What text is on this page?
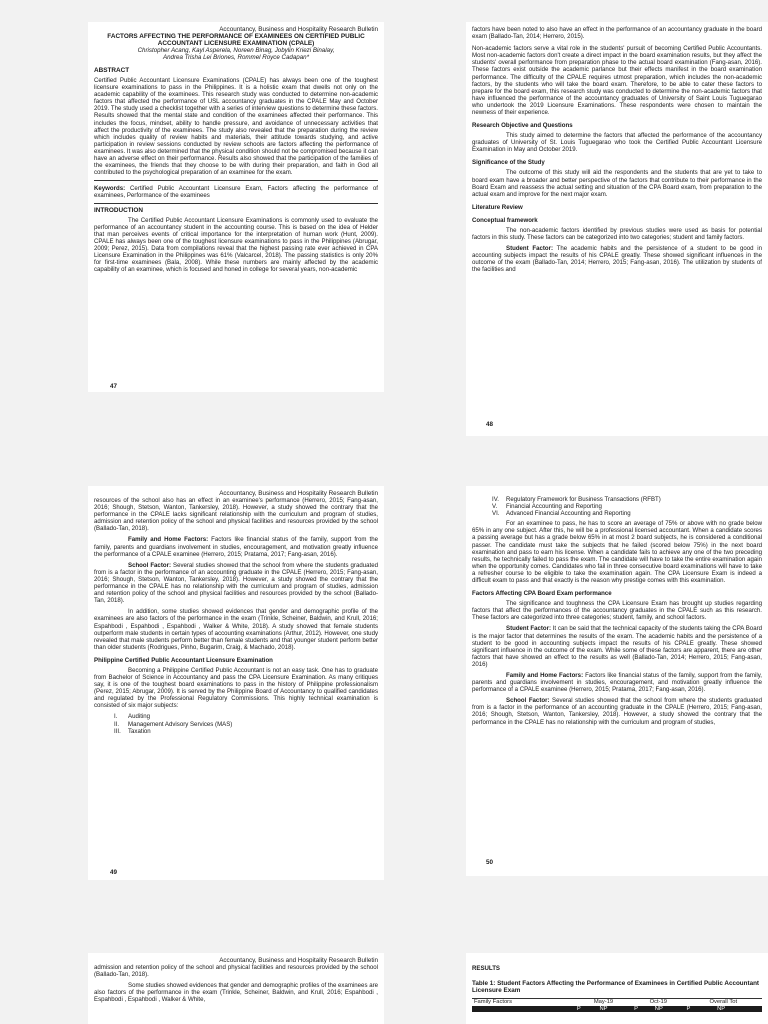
Accountancy, Business and Hospitality Research Bulletin
FACTORS AFFECTING THE PERFORMANCE OF EXAMINEES ON CERTIFIED PUBLIC ACCOUNTANT LICENSURE EXAMINATION (CPALE)
Christopher Acang, Kayl Asperela, Noreen Binag, Jobylin Kriezi Binalay,
Andrea Trisha Lei Briones, Rommel Royce Cadapan*
ABSTRACT

Certified Public Accountant Licensure Examinations (CPALE) has always been one of the toughest licensure examinations to pass in the Philippines. It is a holistic exam that dwells not only on the academic capability of the examinees. This research study was conducted to determine non-academic factors that affected the performance of USL accountancy graduates in the CPALE May and October 2019. The study used a checklist together with a series of interview questions to determine these factors. Results showed that the mental state and condition of the examinees affected their performance. This includes the focus, mindset, ability to handle pressure, and avoidance of unnecessary activities that affect the productivity of the examinees. The study also revealed that the preparation during the review which includes quality of review habits and materials, their attitude towards studying, and active participation in review sessions conducted by review schools are factors affecting the performance of examinees. It was also determined that the physical condition should not be compromised because it can have an adverse effect on their performance. Results also showed that the participation of the families of the examinees, the friends that they choose to be with during their preparation, and faith in God all contributed to the psychological preparation of an examinee for the exam.

Keywords: Certified Public Accountant Licensure Exam, Factors affecting the performance of examinees, Performance of the examinees
INTRODUCTION

The Certified Public Accountant Licensure Examinations is commonly used to evaluate the performance of an accountancy student in the accounting course. This is based on the idea of Helder that man perceives events of critical importance for the interpretation of human work (Hunt, 2009). CPALE has always been one of the toughest licensure examinations to pass in the Philippines (Abrugar, 2009; Perez, 2015). Data from compilations reveal that the highest passing rate ever achieved in CPA Licensure Examination in the Philippines was 61% (Valcarcel, 2018). The passing statistics is only 20% for first-time examinees (Bala, 2008). While these numbers are mainly affected by the academic capability of an examinee, which is focused and honed in college for several years, non-academic

47

factors have been noted to also have an effect in the performance of an accountancy graduate in the board exam (Ballado-Tan, 2014; Herrero, 2015).

Non-academic factors serve a vital role in the students' pursuit of becoming Certified Public Accountants. Most non-academic factors don't create a direct impact in the board examination results, but they affect the students' overall performance from preparation phase to the actual board examination (Fang-asan, 2016). These factors exist outside the academic parlance but their effects manifest in the board examination performance. The difficulty of the CPALE requires utmost preparation, which includes the non-academic factors, by the students who will take the board exam. Therefore, to be able to cater these factors to prepare for the board exam, this research study was conducted to determine the non-academic factors that have influenced the performance of the accountancy graduates of University of Saint Louis Tuguegarao who undertook the 2019 Licensure Examinations. These respondents were chosen to maintain the newness of their experience.

Research Objective and Questions

This study aimed to determine the factors that affected the performance of the accountancy graduates of University of St. Louis Tuguegarao who took the Certified Public Accountant Licensure Examination in May and October 2019.

Significance of the Study

The outcome of this study will aid the respondents and the students that are yet to take to board exam have a broader and better perspective of the factors that contribute to their performance in the Board Exam and reassess the actual setting and situation of the CPA Board exam, from preparation to the actual exam and improve for the next major exam.

Literature Review
Conceptual framework

The non-academic factors identified by previous studies were used as basis for potential factors in this study. These factors can be categorized into two categories; student and family factors.

Student Factor: The academic habits and the persistence of a student to be good in accounting subjects impact the results of his CPALE greatly. These showed significant influences in the outcome of the exam (Ballado-Tan, 2014; Herrero, 2015; Fang-asan, 2016). The utilization by students of the facilities and

48
Accountancy, Business and Hospitality Research Bulletin

resources of the school also has an effect in an examinee's performance (Herrero, 2015; Fang-asan, 2016; Shough, Stetson, Wanton, Tankersley, 2018). However, a study showed the contrary that the performance in the CPALE lacks significant relationship with the curriculum and program of studies, admission and retention policy of the school and physical facilities and resources provided by the school (Ballado-Tan, 2018).

Family and Home Factors: Factors like financial status of the family, support from the family, parents and guardians involvement in studies, encouragement, and motivation greatly influence the performance of a CPALE examinee (Herrero, 2015; Pratama, 2017; Fang-asan, 2016).

School Factor: Several studies showed that the school from where the students graduated from is a factor in the performance of an accounting graduate in the CPALE (Herrero, 2015; Fang-asan, 2016; Shough, Stetson, Wanton, Tankersley, 2018). However, a study showed the contrary that the performance in the CPALE has no relationship with the curriculum and program of studies, admission and retention policy of the school and physical facilities and resources provided by the school (Ballado-Tan, 2018).

In addition, some studies showed evidences that gender and demographic profile of the examinees are also factors of the performance in the exam (Trinkle, Scheiner, Baldwin, and Krull, 2016; Espahbodi , Espahbodi , Espahbodi , Walker & White, 2018). A study showed that female students outperform male students in certain types of accounting examinations (Arthur, 2012). However, one study revealed that male students perform better than female students and that younger student perform better than older students (Rodrigues, Pinho, Bugarim, Craig, & Machado, 2018).

Philippine Certified Public Accountant Licensure Examination

Becoming a Philippine Certified Public Accountant is not an easy task. One has to graduate from Bachelor of Science in Accountancy and pass the CPA Licensure Examination. As many critiques say, it is one of the toughest board examinations to pass in the history of Philippine professionalism (Perez, 2015; Abrugar, 2009). It is served by the Philippine Board of Accountancy to qualified candidates and regulated by the Professional Regulatory Commissions. This highly technical examination is consisted of six major subjects:

I. Auditing
II. Management Advisory Services (MAS)
III. Taxation
49
IV. Regulatory Framework for Business Transactions (RFBT)
V. Financial Accounting and Reporting
VI. Advanced Financial Accounting and Reporting

For an examinee to pass, he has to score an average of 75% or above with no grade below 65% in any one subject. After this, he will be a professional licensed accountant. When a candidate scores a passing average but has a grade below 65% in at most 2 board subjects, he is considered a conditional passer. The candidate must take the subjects that he failed (scored below 75%) in the next board examination and pass to earn his license. When a candidate fails to achieve any one of the two preceding results, he technically failed to pass the exam. The candidate will have to take the entire examination again when the opportunity comes. Candidates who fail in three consecutive board examinations will have to take a refresher course to be eligible to take the examination again. The CPA Licensure Exam is indeed a difficult exam to pass and that exactly is the reason why prestige comes with this examination.

Factors Affecting CPA Board Exam performance

The significance and toughness the CPA Licensure Exam has brought up studies regarding factors that affect the performances of the accountancy graduates in the CPALE such as this research. These factors are categorized into three categories; student, family, and school factors.

Student Factor: It can be said that the technical capacity of the students taking the CPA Board is the major factor that determines the results of the exam. The academic habits and the persistence of a student to be good in accounting subjects impact the results of his CPALE greatly. These showed significant influence in the outcome of the exam. While some of these factors are apparent, there are other factors that have showed an effect to the results as well (Ballado-Tan, 2014; Herrero, 2015; Fang-asan, 2016)

Family and Home Factors: Factors like financial status of the family, support from the family, parents and guardians involvement in studies, encouragement, and motivation greatly influence the performance of a CPALE examinee (Herrero, 2015; Pratama, 2017; Fang-asan, 2016).

School Factor: Several studies showed that the school from where the students graduated from is a factor in the performance of an accounting graduate in the CPALE (Herrero, 2015; Fang-asan, 2016; Shough, Stetson, Wanton, Tankersley, 2018). However, a study showed the contrary that the performance in the CPALE has no relationship with the curriculum and program of studies,

50
Accountancy, Business and Hospitality Research Bulletin

admission and retention policy of the school and physical facilities and resources provided by the school (Ballado-Tan, 2018).

Some studies showed evidences that gender and demographic profiles of the examinees are also factors of the performance in the exam (Trinkle, Scheiner, Baldwin, and Krull, 2016; Espahbodi , Espahbodi , Espahbodi , Walker & White,

RESULTS
Table 1: Student Factors Affecting the Performance of Examinees in Certified Public Accountant Licensure Exam
Family Factors	May-19		Oct-19		Overall Tot	
	P	NP	P	NP	P	NP
